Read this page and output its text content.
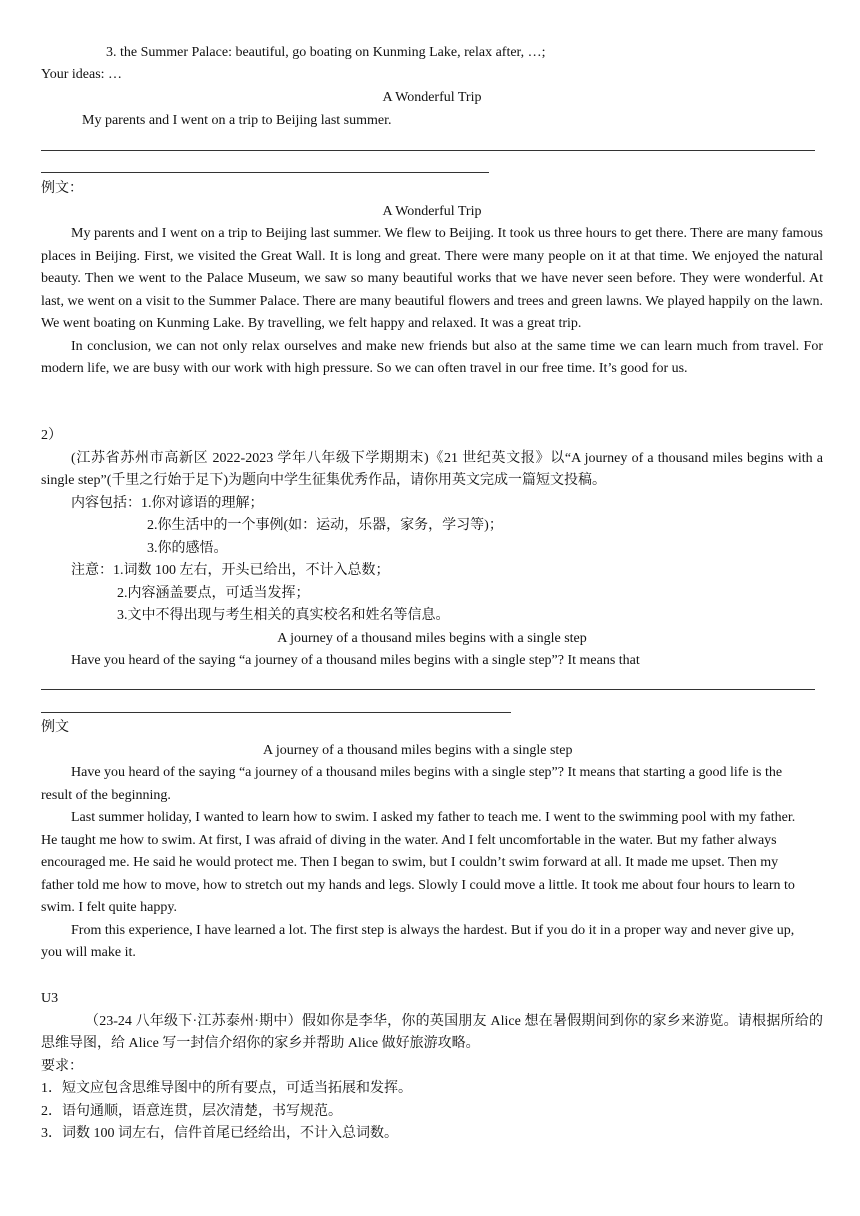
3. the Summer Palace: beautiful, go boating on Kunming Lake, relax after, …;

Your ideas: …

A Wonderful Trip

My parents and I went on a trip to Beijing last summer.

例文：

A Wonderful Trip

My parents and I went on a trip to Beijing last summer. We flew to Beijing. It took us three hours to get there. There are many famous places in Beijing. First, we visited the Great Wall. It is long and great. There were many people on it at that time. We enjoyed the natural beauty. Then we went to the Palace Museum, we saw so many beautiful works that we have never seen before. They were wonderful. At last, we went on a visit to the Summer Palace. There are many beautiful flowers and trees and green lawns. We played happily on the lawn. We went boating on Kunming Lake. By travelling, we felt happy and relaxed. It was a great trip.

In conclusion, we can not only relax ourselves and make new friends but also at the same time we can learn much from travel. For modern life, we are busy with our work with high pressure. So we can often travel in our free time. It’s good for us.

2）

(江苏省苏州市高新区 2022-2023 学年八年级下学期期末)《21 世纪英文报》以“A journey of a thousand miles begins with a single step”(千里之行始于足下)为题向中学生征集优秀作品，请你用英文完成一篇短文投稿。

内容包括：1.你对谚语的理解；

2.你生活中的一个事例(如：运动，乐器，家务，学习等)；

3.你的感悟。

注意：1.词数 100 左右，开头已给出，不计入总数；

2.内容涵盖要点，可适当发挥；

3.文中不得出现与考生相关的真实校名和姓名等信息。

A journey of a thousand miles begins with a single step

Have you heard of the saying “a journey of a thousand miles begins with a single step”? It means that

例文

A journey of a thousand miles begins with a single step

Have you heard of the saying “a journey of a thousand miles begins with a single step”? It means that starting a good life is the result of the beginning.

Last summer holiday, I wanted to learn how to swim. I asked my father to teach me. I went to the swimming pool with my father. He taught me how to swim. At first, I was afraid of diving in the water. And I felt uncomfortable in the water. But my father always encouraged me. He said he would protect me. Then I began to swim, but I couldn’t swim forward at all. It made me upset. Then my father told me how to move, how to stretch out my hands and legs. Slowly I could move a little. It took me about four hours to learn to swim. I felt quite happy.

From this experience, I have learned a lot. The first step is always the hardest. But if you do it in a proper way and never give up, you will make it.

U3

（23-24 八年级下·江苏泰州·期中）假如你是李华，你的英国朋友 Alice 想在暑假期间到你的家乡来游览。请根据所给的思维导图，给 Alice 写一封信介绍你的家乡并帮助 Alice 做好旅游攻略。

要求：

1．短文应包含思维导图中的所有要点，可适当拓展和发挥。

2．语句通顺，语意连贯，层次清楚，书写规范。

3．词数 100 词左右，信件首尾已经给出，不计入总词数。
